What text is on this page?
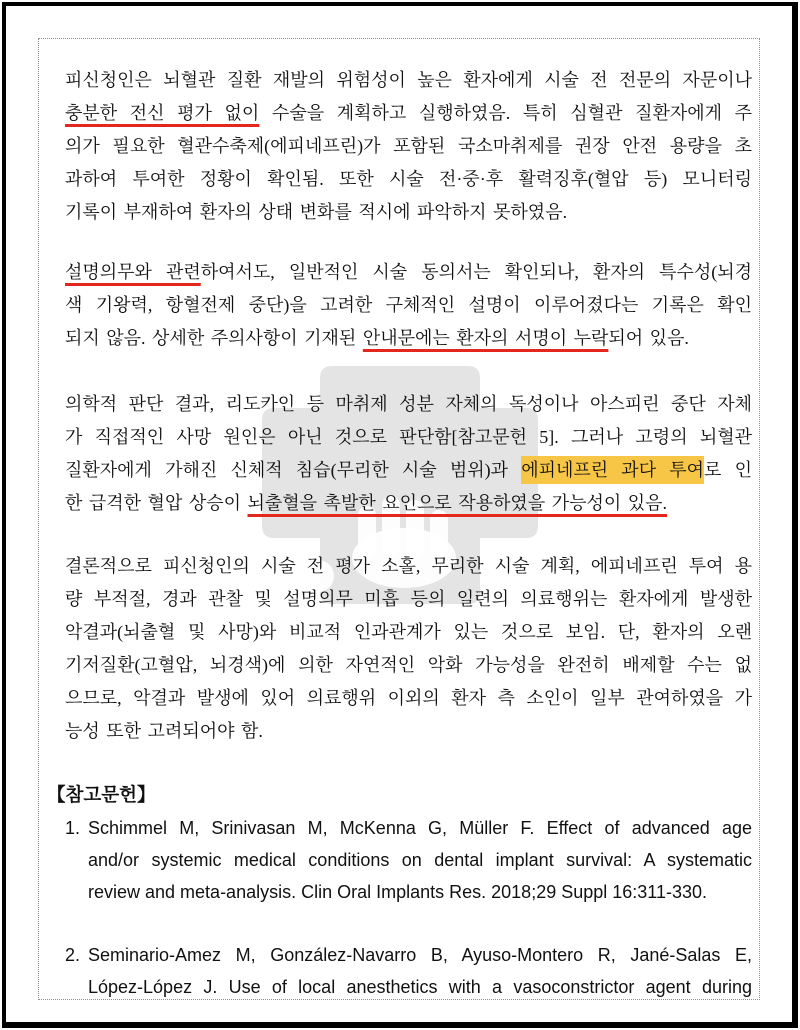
피신청인은 뇌혈관 질환 재발의 위험성이 높은 환자에게 시술 전 전문의 자문이나
충분한 전신 평가 없이 수술을 계획하고 실행하였음. 특히 심혈관 질환자에게 주
의가 필요한 혈관수축제(에피네프린)가 포함된 국소마취제를 권장 안전 용량을 초
과하여 투여한 정황이 확인됨. 또한 시술 전·중·후 활력징후(혈압 등) 모니터링
기록이 부재하여 환자의 상태 변화를 적시에 파악하지 못하였음.
설명의무와 관련하여서도, 일반적인 시술 동의서는 확인되나, 환자의 특수성(뇌경
색 기왕력, 항혈전제 중단)을 고려한 구체적인 설명이 이루어졌다는 기록은 확인
되지 않음. 상세한 주의사항이 기재된 안내문에는 환자의 서명이 누락되어 있음.
의학적 판단 결과, 리도카인 등 마취제 성분 자체의 독성이나 아스피린 중단 자체
가 직접적인 사망 원인은 아닌 것으로 판단함[참고문헌 5]. 그러나 고령의 뇌혈관
질환자에게 가해진 신체적 침습(무리한 시술 범위)과 에피네프린 과다 투여로 인
한 급격한 혈압 상승이 뇌출혈을 촉발한 요인으로 작용하였을 가능성이 있음.
결론적으로 피신청인의 시술 전 평가 소홀, 무리한 시술 계획, 에피네프린 투여 용
량 부적절, 경과 관찰 및 설명의무 미흡 등의 일련의 의료행위는 환자에게 발생한
악결과(뇌출혈 및 사망)와 비교적 인과관계가 있는 것으로 보임. 단, 환자의 오랜
기저질환(고혈압, 뇌경색)에 의한 자연적인 악화 가능성을 완전히 배제할 수는 없
으므로, 악결과 발생에 있어 의료행위 이외의 환자 측 소인이 일부 관여하였을 가
능성 또한 고려되어야 함.
【참고문헌】
1. Schimmel M, Srinivasan M, McKenna G, Müller F. Effect of advanced age
and/or systemic medical conditions on dental implant survival: A systematic
review and meta-analysis. Clin Oral Implants Res. 2018;29 Suppl 16:311-330.
2. Seminario-Amez M, González-Navarro B, Ayuso-Montero R, Jané-Salas E,
López-López J. Use of local anesthetics with a vasoconstrictor agent during
